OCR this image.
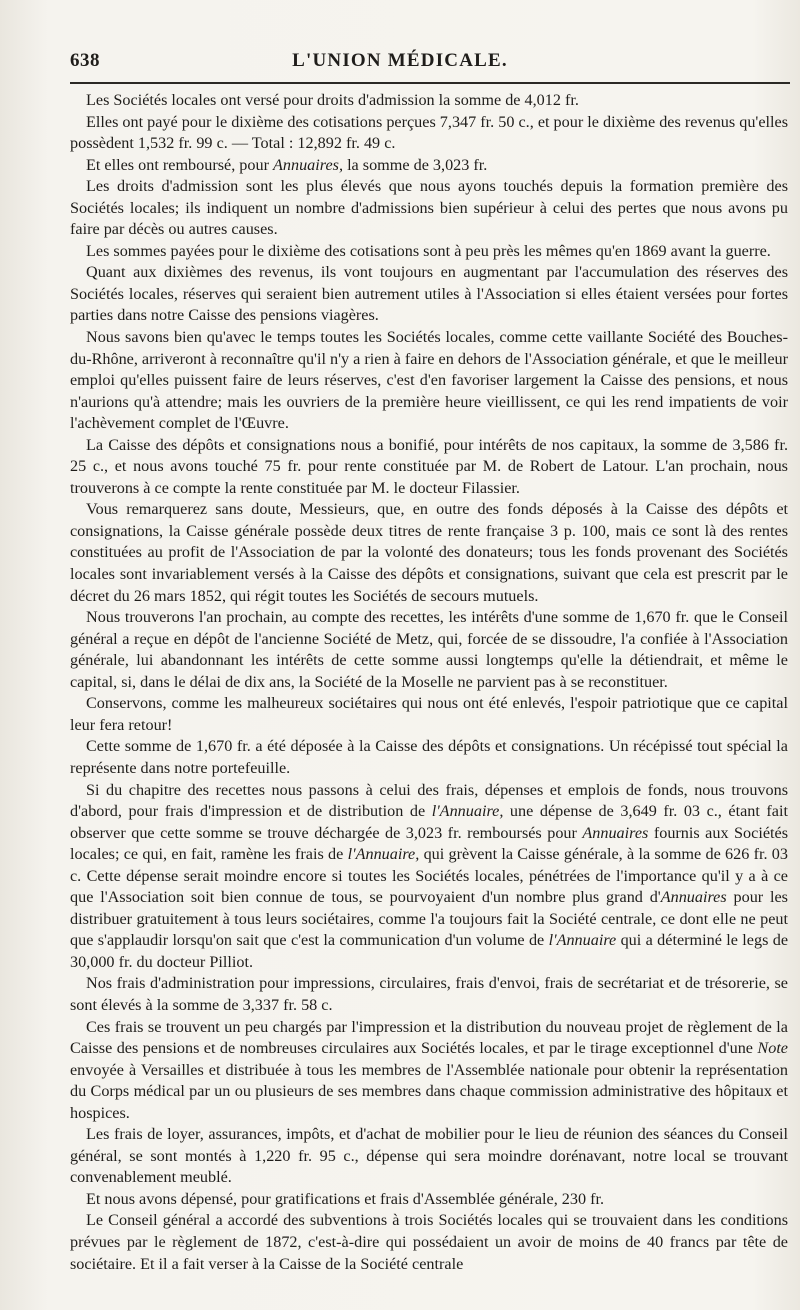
638	L'UNION MÉDICALE.

Les Sociétés locales ont versé pour droits d'admission la somme de 4,012 fr.

Elles ont payé pour le dixième des cotisations perçues 7,347 fr. 50 c., et pour le dixième des revenus qu'elles possèdent 1,532 fr. 99 c. — Total : 12,892 fr. 49 c.

Et elles ont remboursé, pour Annuaires, la somme de 3,023 fr.

Les droits d'admission sont les plus élevés que nous ayons touchés depuis la formation première des Sociétés locales; ils indiquent un nombre d'admissions bien supérieur à celui des pertes que nous avons pu faire par décès ou autres causes.

Les sommes payées pour le dixième des cotisations sont à peu près les mêmes qu'en 1869 avant la guerre.

Quant aux dixièmes des revenus, ils vont toujours en augmentant par l'accumulation des réserves des Sociétés locales, réserves qui seraient bien autrement utiles à l'Association si elles étaient versées pour fortes parties dans notre Caisse des pensions viagères.

Nous savons bien qu'avec le temps toutes les Sociétés locales, comme cette vaillante Société des Bouches-du-Rhône, arriveront à reconnaître qu'il n'y a rien à faire en dehors de l'Association générale, et que le meilleur emploi qu'elles puissent faire de leurs réserves, c'est d'en favoriser largement la Caisse des pensions, et nous n'aurions qu'à attendre; mais les ouvriers de la première heure vieillissent, ce qui les rend impatients de voir l'achèvement complet de l'Œuvre.

La Caisse des dépôts et consignations nous a bonifié, pour intérêts de nos capitaux, la somme de 3,586 fr. 25 c., et nous avons touché 75 fr. pour rente constituée par M. de Robert de Latour. L'an prochain, nous trouverons à ce compte la rente constituée par M. le docteur Filassier.

Vous remarquerez sans doute, Messieurs, que, en outre des fonds déposés à la Caisse des dépôts et consignations, la Caisse générale possède deux titres de rente française 3 p. 100, mais ce sont là des rentes constituées au profit de l'Association de par la volonté des donateurs; tous les fonds provenant des Sociétés locales sont invariablement versés à la Caisse des dépôts et consignations, suivant que cela est prescrit par le décret du 26 mars 1852, qui régit toutes les Sociétés de secours mutuels.

Nous trouverons l'an prochain, au compte des recettes, les intérêts d'une somme de 1,670 fr. que le Conseil général a reçue en dépôt de l'ancienne Société de Metz, qui, forcée de se dissoudre, l'a confiée à l'Association générale, lui abandonnant les intérêts de cette somme aussi longtemps qu'elle la détiendrait, et même le capital, si, dans le délai de dix ans, la Société de la Moselle ne parvient pas à se reconstituer.

Conservons, comme les malheureux sociétaires qui nous ont été enlevés, l'espoir patriotique que ce capital leur fera retour!

Cette somme de 1,670 fr. a été déposée à la Caisse des dépôts et consignations. Un récépissé tout spécial la représente dans notre portefeuille.

Si du chapitre des recettes nous passons à celui des frais, dépenses et emplois de fonds, nous trouvons d'abord, pour frais d'impression et de distribution de l'Annuaire, une dépense de 3,649 fr. 03 c., étant fait observer que cette somme se trouve déchargée de 3,023 fr. remboursés pour Annuaires fournis aux Sociétés locales; ce qui, en fait, ramène les frais de l'Annuaire, qui grèvent la Caisse générale, à la somme de 626 fr. 03 c. Cette dépense serait moindre encore si toutes les Sociétés locales, pénétrées de l'importance qu'il y a à ce que l'Association soit bien connue de tous, se pourvoyaient d'un nombre plus grand d'Annuaires pour les distribuer gratuitement à tous leurs sociétaires, comme l'a toujours fait la Société centrale, ce dont elle ne peut que s'applaudir lorsqu'on sait que c'est la communication d'un volume de l'Annuaire qui a déterminé le legs de 30,000 fr. du docteur Pilliot.

Nos frais d'administration pour impressions, circulaires, frais d'envoi, frais de secrétariat et de trésorerie, se sont élevés à la somme de 3,337 fr. 58 c.

Ces frais se trouvent un peu chargés par l'impression et la distribution du nouveau projet de règlement de la Caisse des pensions et de nombreuses circulaires aux Sociétés locales, et par le tirage exceptionnel d'une Note envoyée à Versailles et distribuée à tous les membres de l'Assemblée nationale pour obtenir la représentation du Corps médical par un ou plusieurs de ses membres dans chaque commission administrative des hôpitaux et hospices.

Les frais de loyer, assurances, impôts, et d'achat de mobilier pour le lieu de réunion des séances du Conseil général, se sont montés à 1,220 fr. 95 c., dépense qui sera moindre dorénavant, notre local se trouvant convenablement meublé.

Et nous avons dépensé, pour gratifications et frais d'Assemblée générale, 230 fr.

Le Conseil général a accordé des subventions à trois Sociétés locales qui se trouvaient dans les conditions prévues par le règlement de 1872, c'est-à-dire qui possédaient un avoir de moins de 40 francs par tête de sociétaire. Et il a fait verser à la Caisse de la Société centrale
